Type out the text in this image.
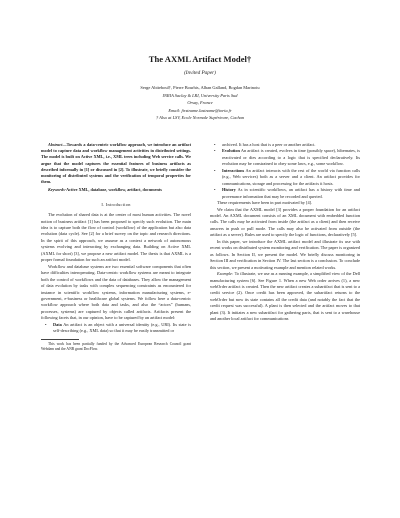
The AXML Artifact Model†
(Invited Paper)
Serge Abiteboul†, Pierre Bourhis, Alban Galland, Bogdan Marinoiu
INRIA Saclay & LRI, University Paris Sud
Orsay, France
Email: firstname.lastname@inria.fr
† Also at LSV, Ecole Normale Supérieure, Cachan

Abstract—Towards a data-centric workflow approach, we introduce an artifact model to capture data and workflow management activities in distributed settings. The model is built on Active XML, i.e., XML trees including Web service calls. We argue that the model captures the essential features of business artifacts as described informally in [1] or discussed in [2]. To illustrate, we briefly consider the monitoring of distributed systems and the verification of temporal properties for them.

Keywords-Active XML, database, workflow, artifact, documents

I. Introduction

The evolution of shared data is at the center of most human activities. The novel notion of business artifact [1] has been proposed to specify such evolution. The main idea is to capture both the flow of control (workflow) of the application but also data evolution (data cycle). See [2] for a brief survey on the topic and research directions. In the spirit of this approach, we assume as a context a network of autonomous systems evolving and interacting by exchanging data. Building on Active XML (AXML for short) [3], we propose a new artifact model. The thesis is that AXML is a proper formal foundation for such an artifact model.

Workflow and database systems are two essential software components that often have difficulties interoperating. Data-centric workflow systems are meant to integrate both the control of workflows and the data of databases. They allow the management of data evolution by tasks with complex sequencing constraints as encountered for instance in scientific workflow systems, information manufacturing systems, e-government, e-business or healthcare global systems. We follow here a data-centric workflow approach where both data and tasks, and also the “actors” (humans, processes, systems) are captured by objects called artifacts. Artifacts present the following facets that, in our opinion, have to be captured by an artifact model:

• Data An artifact is an object with a universal identity (e.g., URI). Its state is self-describing (e.g., XML data) so that it may be easily transmitted or

This work has been partially funded by the Advanced European Research Council grant Webdam and the ANR grant DocFlow.

• archived. It has a host that is a peer or another artifact.
• Evolution An artifact is created, evolves in time (possibly space), hibernates, is reactivated or dies according to a logic that is specified declaratively. Its evolution may be constrained to obey some laws, e.g., some workflow.
• Interactions An artifact interacts with the rest of the world via function calls (e.g., Web services) both as a server and a client. An artifact provides for communications, storage and processing for the artifacts it hosts.
• History As in scientific workflows, an artifact has a history with time and provenance information that may be recorded and queried.

These requirements have been in part motivated by [4].

We claim that the AXML model [3] provides a proper foundation for an artifact model. An AXML document consists of an XML document with embedded function calls. The calls may be activated from inside (the artifact as a client) and then receive answers in push or pull mode. The calls may also be activated from outside (the artifact as a server). Rules are used to specify the logic of functions, declaratively [5].

In this paper, we introduce the AXML artifact model and illustrate its use with recent works on distributed system monitoring and verification. The paper is organized as follows. In Section II, we present the model. We briefly discuss monitoring in Section III and verification in Section IV. The last section is a conclusion. To conclude this section, we present a motivating example and mention related works.

Example: To illustrate, we use as a running example, a simplified view of the Dell manufacturing system [6]. See Figure 1. When a new Web order arrives (1), a new webOrder artifact is created. Then the new artifact creates a subartifact that is sent to a credit service (2). Once credit has been approved, the subartifact returns to the webOrder but now its state contains all the credit data (and notably the fact that the credit request was successful). A plant is then selected and the artifact moves to that plant (3). It initiates a new subartifact for gathering parts, that is sent to a warehouse and another local artifact for communications
